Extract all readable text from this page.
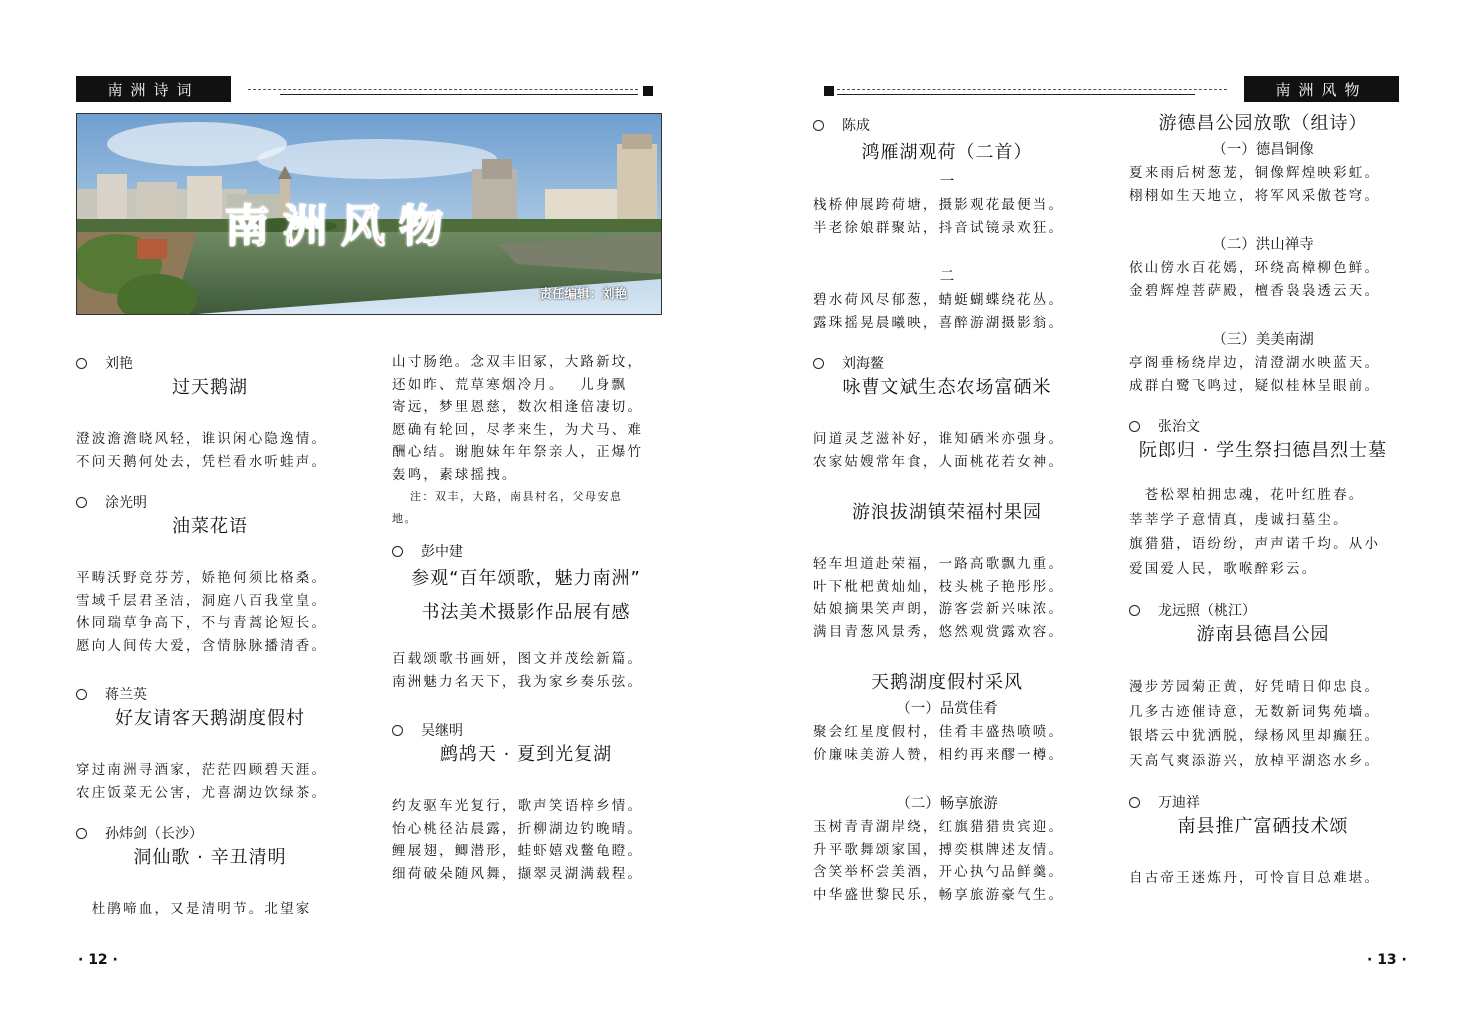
南洲诗词
南洲风物
责任编辑：刘艳
刘艳
过天鹅湖
澄波澹澹晓风轻，谁识闲心隐逸情。
不问天鹅何处去，凭栏看水听蛙声。
涂光明
油菜花语
平畴沃野竞芬芳，娇艳何须比格桑。
雪域千层君圣洁，洞庭八百我堂皇。
休同瑞草争高下，不与青蒿论短长。
愿向人间传大爱，含情脉脉播清香。
蒋兰英
好友请客天鹅湖度假村
穿过南洲寻酒家，茫茫四顾碧天涯。
农庄饭菜无公害，尤喜湖边饮绿茶。
孙炜剑（长沙）
洞仙歌 · 辛丑清明
　杜鹃啼血，又是清明节。北望家
山寸肠绝。念双丰旧冢，大路新坟，
还如昨、荒草寒烟冷月。　 儿身飘
寄远，梦里恩慈，数次相逢倍凄切。
愿确有轮回，尽孝来生，为犬马、难
酬心结。谢胞妹年年祭亲人，正爆竹
轰鸣，素球摇拽。
注：双丰，大路，南县村名，父母安息
地。
彭中建
参观“百年颂歌，魅力南洲”
书法美术摄影作品展有感
百载颂歌书画妍，图文并茂绘新篇。
南洲魅力名天下，我为家乡奏乐弦。
吴继明
鹧鸪天 · 夏到光复湖
约友驱车光复行，歌声笑语梓乡情。
怡心桃径沾晨露，折柳湖边钓晚晴。
鲤展翅，鲫潜形，蛙虾嬉戏鳖龟瞪。
细荷破朵随风舞，撷翠灵湖满载程。
· 12 ·
南洲风物
陈成
鸿雁湖观荷（二首）
一
栈桥伸展跨荷塘，摄影观花最便当。
半老徐娘群聚站，抖音试镜录欢狂。
二
碧水荷风尽郁葱，蜻蜓蝴蝶绕花丛。
露珠摇晃晨曦映，喜醉游湖摄影翁。
刘海鳌
咏曹文斌生态农场富硒米
问道灵芝滋补好，谁知硒米亦强身。
农家姑嫂常年食，人面桃花若女神。
游浪拔湖镇荣福村果园
轻车坦道赴荣福，一路高歌飘九重。
叶下枇杷黄灿灿，枝头桃子艳彤彤。
姑娘摘果笑声朗，游客尝新兴味浓。
满目青葱风景秀，悠然观赏露欢容。
天鹅湖度假村采风
（一）品赏佳肴
聚会红星度假村，佳肴丰盛热喷喷。
价廉味美游人赞，相约再来醪一樽。
（二）畅享旅游
玉树青青湖岸绕，红旗猎猎贵宾迎。
升平歌舞颂家国，搏奕棋牌述友情。
含笑举杯尝美酒，开心执勺品鲜羹。
中华盛世黎民乐，畅享旅游豪气生。
游德昌公园放歌（组诗）
（一）德昌铜像
夏来雨后树葱茏，铜像辉煌映彩虹。
栩栩如生天地立，将军风采傲苍穹。
（二）洪山禅寺
依山傍水百花嫣，环绕高樟柳色鲜。
金碧辉煌菩萨殿，檀香袅袅透云天。
（三）美美南湖
亭阁垂杨绕岸边，清澄湖水映蓝天。
成群白鹭飞鸣过，疑似桂林呈眼前。
张治文
阮郎归 · 学生祭扫德昌烈士墓
　苍松翠柏拥忠魂，花叶红胜春。
莘莘学子意情真，虔诚扫墓尘。
旗猎猎，语纷纷，声声诺千均。从小
爱国爱人民，歌喉醉彩云。
龙远照（桃江）
游南县德昌公园
漫步芳园菊正黄，好凭晴日仰忠良。
几多古迹催诗意，无数新词隽苑墙。
银塔云中犹洒脱，绿杨风里却癫狂。
天高气爽添游兴，放棹平湖恣水乡。
万迪祥
南县推广富硒技术颂
自古帝王迷炼丹，可怜盲目总难堪。
· 13 ·
